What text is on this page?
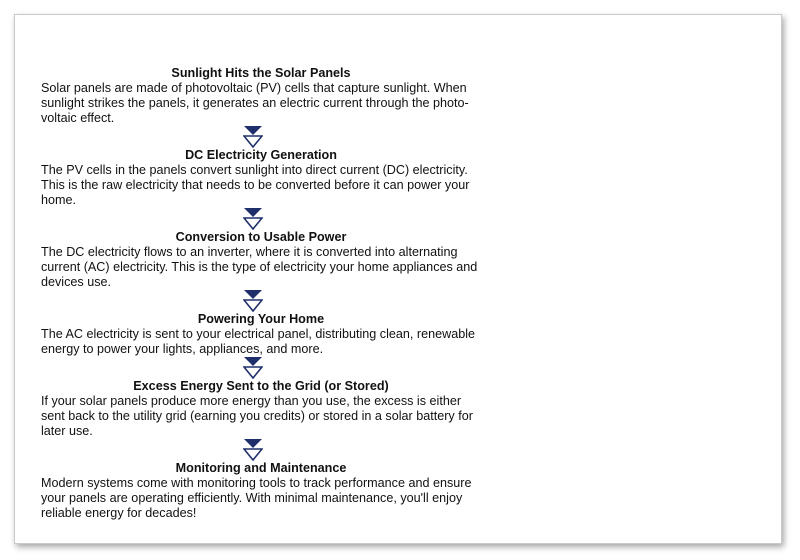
Sunlight Hits the Solar Panels

Solar panels are made of photovoltaic (PV) cells that capture sunlight. When sunlight strikes the panels, it generates an electric current through the photo-voltaic effect.

DC Electricity Generation

The PV cells in the panels convert sunlight into direct current (DC) electricity. This is the raw electricity that needs to be converted before it can power your home.

Conversion to Usable Power

The DC electricity flows to an inverter, where it is converted into alternating current (AC) electricity. This is the type of electricity your home appliances and devices use.

Powering Your Home

The AC electricity is sent to your electrical panel, distributing clean, renewable energy to power your lights, appliances, and more.

Excess Energy Sent to the Grid (or Stored)

If your solar panels produce more energy than you use, the excess is either sent back to the utility grid (earning you credits) or stored in a solar battery for later use.

Monitoring and Maintenance

Modern systems come with monitoring tools to track performance and ensure your panels are operating efficiently. With minimal maintenance, you'll enjoy reliable energy for decades!
